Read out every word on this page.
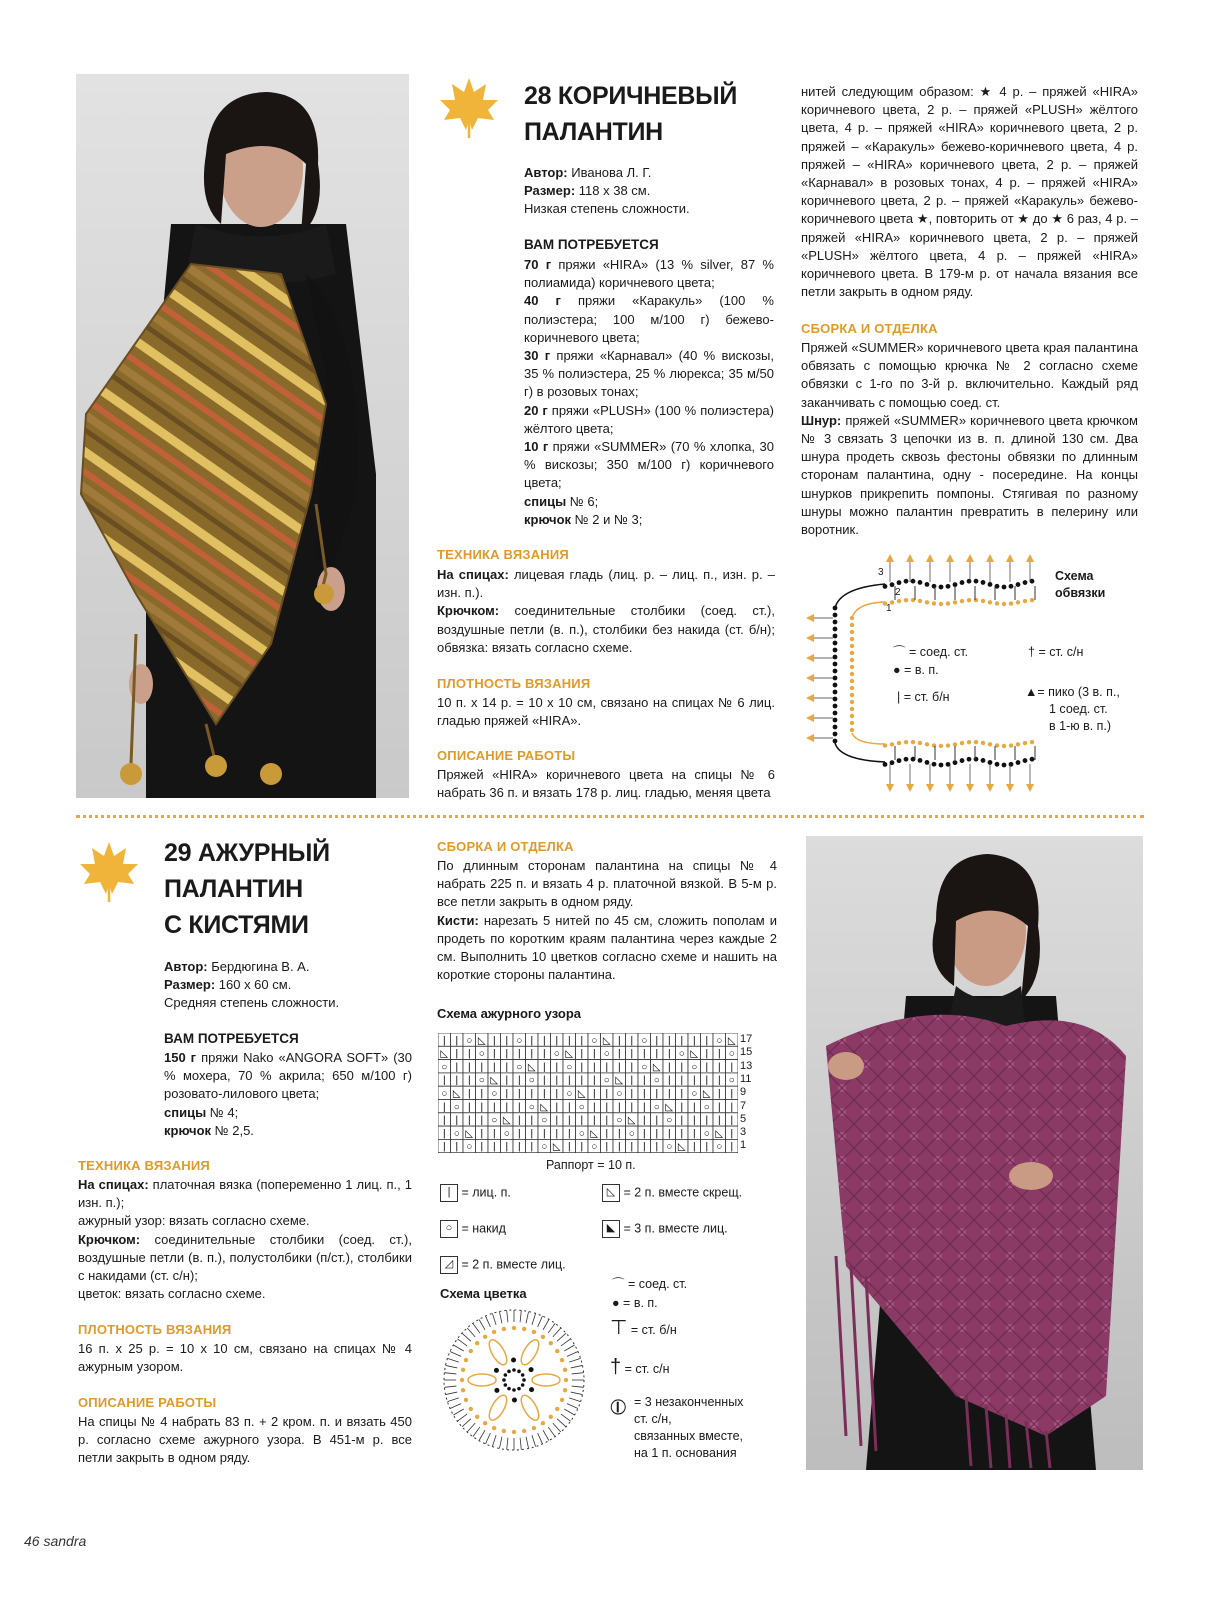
28 КОРИЧНЕВЫЙ
ПАЛАНТИН

Автор: Иванова Л. Г.

Размер: 118 х 38 см.

Низкая степень сложности.

ВАМ ПОТРЕБУЕТСЯ

70 г пряжи «HIRA» (13 % silver, 87 % полиамида) коричневого цвета;

40 г пряжи «Каракуль» (100 % полиэстера; 100 м/100 г) бежево-коричневого цвета;

30 г пряжи «Карнавал» (40 % вискозы, 35 % полиэстера, 25 % люрекса; 35 м/50 г) в розовых тонах;

20 г пряжи «PLUSH» (100 % полиэстера) жёлтого цвета;

10 г пряжи «SUMMER» (70 % хлопка, 30 % вискозы; 350 м/100 г) коричневого цвета;

спицы № 6;

крючок № 2 и № 3;

ТЕХНИКА ВЯЗАНИЯ

На спицах: лицевая гладь (лиц. р. – лиц. п., изн. р. – изн. п.).

Крючком: соединительные столбики (соед. ст.), воздушные петли (в. п.), столбики без накида (ст. б/н); обвязка: вязать согласно схеме.

ПЛОТНОСТЬ ВЯЗАНИЯ
10 п. х 14 р. = 10 х 10 см, связано на спицах № 6 лиц. гладью пряжей «HIRA».
ОПИСАНИЕ РАБОТЫ
Пряжей «HIRA» коричневого цвета на спицы № 6 набрать 36 п. и вязать 178 р. лиц. гладью, меняя цвета
нитей следующим образом: ★ 4 р. – пряжей «HIRA» коричневого цвета, 2 р. – пряжей «PLUSH» жёлтого цвета, 4 р. – пряжей «HIRA» коричневого цвета, 2 р. пряжей – «Каракуль» бежево-коричневого цвета, 4 р. пряжей – «HIRA» коричневого цвета, 2 р. – пряжей «Карнавал» в розовых тонах, 4 р. – пряжей «HIRA» коричневого цвета, 2 р. – пряжей «Каракуль» бежево-коричневого цвета ★, повторить от ★ до ★ 6 раз, 4 р. – пряжей «HIRA» коричневого цвета, 2 р. – пряжей «PLUSH» жёлтого цвета, 4 р. – пряжей «HIRA» коричневого цвета. В 179-м р. от начала вязания все петли закрыть в одном ряду.
СБОРКА И ОТДЕЛКА

Пряжей «SUMMER» коричневого цвета края палантина обвязать с помощью крючка № 2 согласно схеме обвязки с 1-го по 3-й р. включительно. Каждый ряд заканчивать с помощью соед. ст.

Шнур: пряжей «SUMMER» коричневого цвета крючком № 3 связать 3 цепочки из в. п. длиной 130 см. Два шнура продеть сквозь фестоны обвязки по длинным сторонам палантина, одну - посередине. На концы шнурков прикрепить помпоны. Стягивая по разному шнуры можно палантин превратить в пелерину или воротник.

Схема
обвязки
1
2
3
⌒ = соед. ст.
● = в. п.
| = ст. б/н
† = ст. с/н
▲= пико (3 в. п.,
1 соед. ст.
в 1-ю в. п.)
29 АЖУРНЫЙ
ПАЛАНТИН
С КИСТЯМИ

Автор: Бердюгина В. А.

Размер: 160 х 60 см.

Средняя степень сложности.

ВАМ ПОТРЕБУЕТСЯ

150 г пряжи Nako «ANGORA SOFT» (30 % мохера, 70 % акрила; 650 м/100 г) розовато-лилового цвета;

спицы № 4;

крючок № 2,5.

ТЕХНИКА ВЯЗАНИЯ

На спицах: платочная вязка (попеременно 1 лиц. п., 1 изн. п.);

ажурный узор: вязать согласно схеме.

Крючком: соединительные столбики (соед. ст.), воздушные петли (в. п.), полустолбики (п/ст.), столбики с накидами (ст. с/н);

цветок: вязать согласно схеме.

ПЛОТНОСТЬ ВЯЗАНИЯ
16 п. х 25 р. = 10 х 10 см, связано на спицах № 4 ажурным узором.
ОПИСАНИЕ РАБОТЫ
На спицы № 4 набрать 83 п. + 2 кром. п. и вязать 450 р. согласно схеме ажурного узора. В 451-м р. все петли закрыть в одном ряду.
СБОРКА И ОТДЕЛКА

По длинным сторонам палантина на спицы № 4 набрать 225 п. и вязать 4 р. платочной вязкой. В 5-м р. все петли закрыть в одном ряду.

Кисти: нарезать 5 нитей по 45 см, сложить пополам и продеть по коротким краям палантина через каждые 2 см. Выполнить 10 цветков согласно схеме и нашить на короткие стороны палантина.

Схема ажурного узора
| | ○ ◺ | | ○ | | | | | ○ ◺ | | ○ | | | | | ○ ◺
◺ | | ○ | | | | | ○ ◺ | | ○ | | | | | ○ ◺ | | ○
○ | | | | | ○ ◺ | | ○ | | | | | ○ ◺ | | ○ | | |
| | | ○ ◺ | | ○ | | | | | ○ ◺ | | ○ | | | | | ○
○ ◺ | | ○ | | | | | ○ ◺ | | ○ | | | | | ○ ◺ | |
| ○ | | | | | ○ ◺ | | ○ | | | | | ○ ◺ | | ○ | |
| | | | ○ ◺ | | ○ | | | | | ○ ◺ | | ○ | | | | |
| ○ ◺ | | ○ | | | | | ○ ◺ | | ○ | | | | | ○ ◺ |
| | ○ | | | | | ○ ◺ | | ○ | | | | | ○ ◺ | | ○ |
17
15
13
11
9
7
5
3
1
Раппорт = 10 п.
| = лиц. п.
○ = накид
◿ = 2 п. вместе лиц.
◺ = 2 п. вместе скрещ.
◣ = 3 п. вместе лиц.
Схема цветка
⌒ = соед. ст.
● = в. п.
⊤ = ст. б/н
† = ст. с/н
⦶ = 3 незаконченных
ст. с/н,
связанных вместе,
на 1 п. основания
46 sandra
